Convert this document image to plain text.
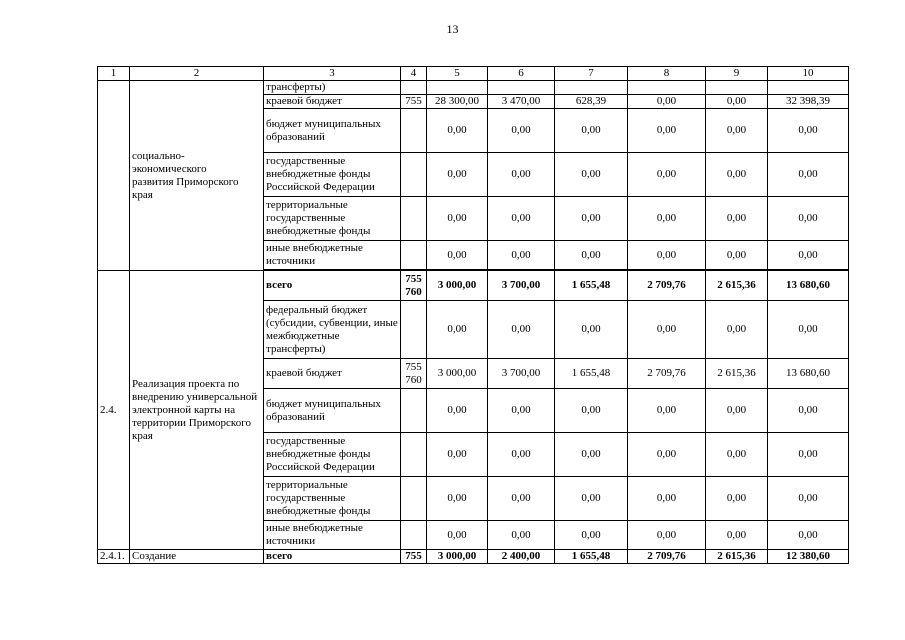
13
1	2	3	4	5	6	7	8	9	10
	социально-
экономического
развития Приморского
края	трансферты)							
		краевой бюджет	755	28 300,00	3 470,00	628,39	0,00	0,00	32 398,39
		бюджет муниципальных образований		0,00	0,00	0,00	0,00	0,00	0,00
		государственные внебюджетные фонды Российской Федерации		0,00	0,00	0,00	0,00	0,00	0,00
		территориальные государственные внебюджетные фонды		0,00	0,00	0,00	0,00	0,00	0,00
		иные внебюджетные источники		0,00	0,00	0,00	0,00	0,00	0,00

2.4.	Реализация проекта по внедрению универсальной электронной карты на территории Приморского края	всего	755 760	3 000,00	3 700,00	1 655,48	2 709,76	2 615,36	13 680,60
		федеральный бюджет (субсидии, субвенции, иные межбюджетные трансферты)		0,00	0,00	0,00	0,00	0,00	0,00
		краевой бюджет	755 760	3 000,00	3 700,00	1 655,48	2 709,76	2 615,36	13 680,60
		бюджет муниципальных образований		0,00	0,00	0,00	0,00	0,00	0,00
		государственные внебюджетные фонды Российской Федерации		0,00	0,00	0,00	0,00	0,00	0,00
		территориальные государственные внебюджетные фонды		0,00	0,00	0,00	0,00	0,00	0,00
		иные внебюджетные источники		0,00	0,00	0,00	0,00	0,00	0,00
2.4.1.	Создание	всего	755	3 000,00	2 400,00	1 655,48	2 709,76	2 615,36	12 380,60
